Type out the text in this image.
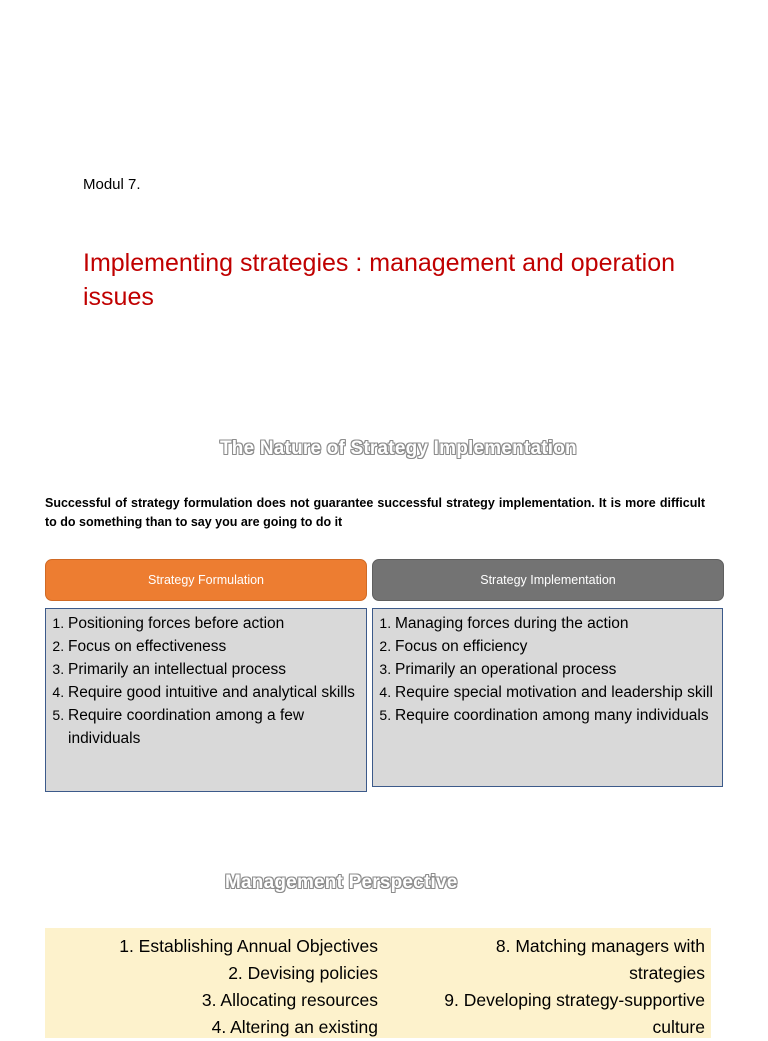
Modul 7.
Implementing strategies : management and operation issues
The Nature of Strategy Implementation
Successful of strategy formulation does not guarantee successful strategy implementation. It is more difficult to do something than to say you are going to do it
Strategy Formulation	Strategy Implementation
1. Positioning forces before action
2. Focus on effectiveness
3. Primarily an intellectual process
4. Require good intuitive and analytical skills
5. Require coordination among a few individuals
1. Managing forces during the action
2. Focus on efficiency
3. Primarily an operational process
4. Require special motivation and leadership skill
5. Require coordination among many individuals
Management Perspective
1. Establishing Annual Objectives
2. Devising policies
3. Allocating resources
4. Altering an existing
8. Matching managers with
strategies
9. Developing strategy-supportive
culture
